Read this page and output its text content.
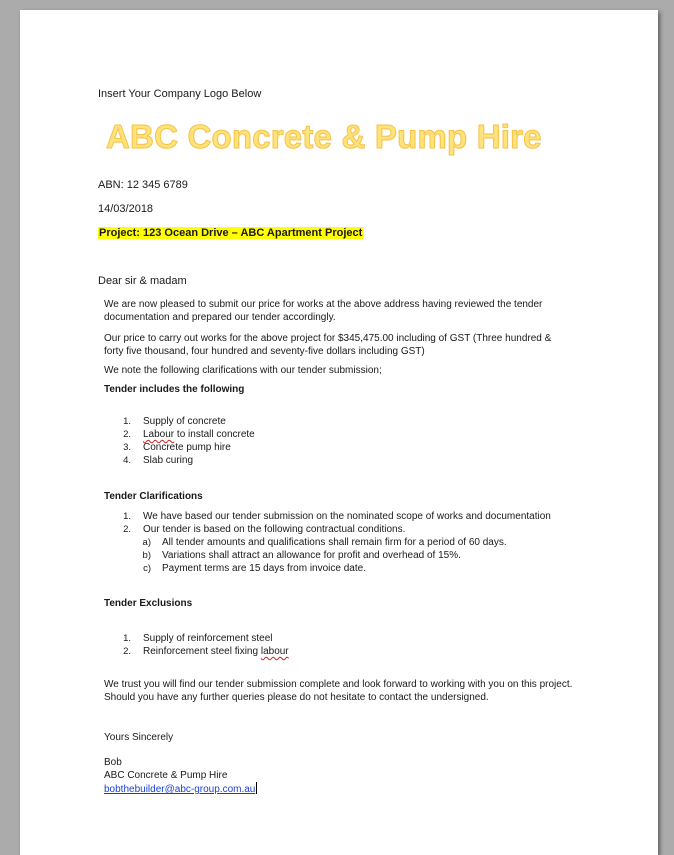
Insert Your Company Logo Below
ABC Concrete & Pump Hire
ABN: 12 345 6789
14/03/2018
Project: 123 Ocean Drive – ABC Apartment Project
Dear sir & madam
We are now pleased to submit our price for works at the above address having reviewed the tender
documentation and prepared our tender accordingly.
Our price to carry out works for the above project for $345,475.00 including of GST (Three hundred &
forty five thousand, four hundred and seventy-five dollars including GST)
We note the following clarifications with our tender submission;
Tender includes the following
1. Supply of concrete
2. Labour to install concrete
3. Concrete pump hire
4. Slab curing
Tender Clarifications
1. We have based our tender submission on the nominated scope of works and documentation
2. Our tender is based on the following contractual conditions.
a) All tender amounts and qualifications shall remain firm for a period of 60 days.
b) Variations shall attract an allowance for profit and overhead of 15%.
c) Payment terms are 15 days from invoice date.
Tender Exclusions
1. Supply of reinforcement steel
2. Reinforcement steel fixing labour
We trust you will find our tender submission complete and look forward to working with you on this project.
Should you have any further queries please do not hesitate to contact the undersigned.
Yours Sincerely
Bob
ABC Concrete & Pump Hire
bobthebuilder@abc-group.com.au
